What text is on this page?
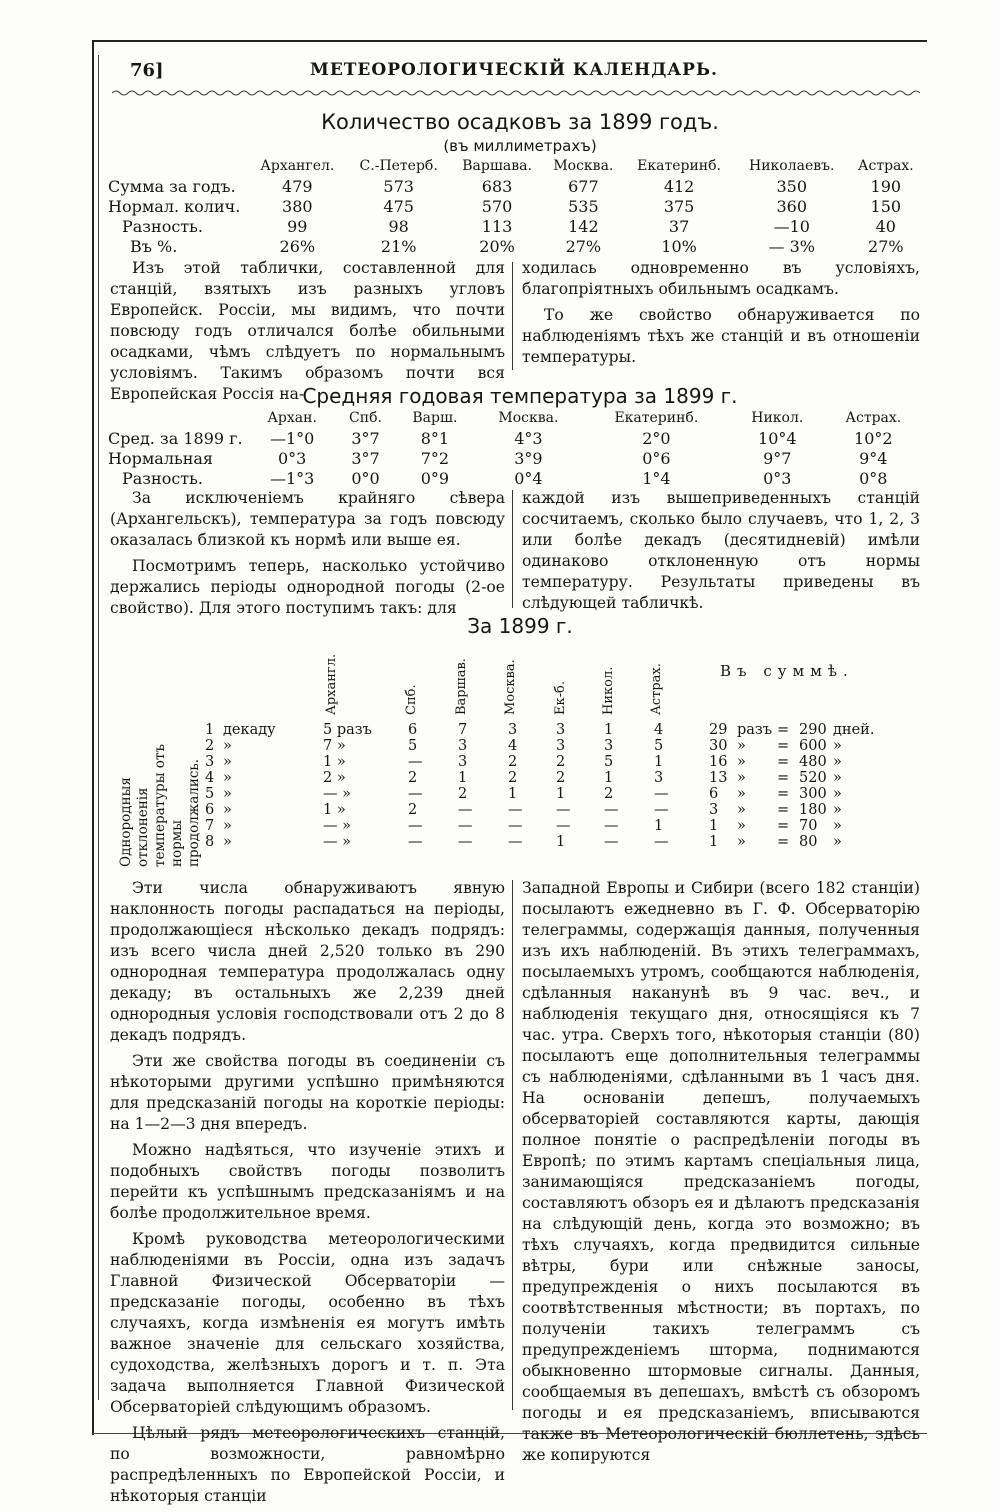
76]	МЕТЕОРОЛОГИЧЕСКІЙ КАЛЕНДАРЬ.
Количество осадковъ за 1899 годъ.
(въ миллиметрахъ)
	Архангел.	С.-Петерб.	Варшава.	Москва.	Екатеринб.	Николаевъ.	Астрах.
Сумма за годъ.	479	573	683	677	412	350	190
Нормал. колич.	380	475	570	535	375	360	150
Разность.	99	98	113	142	37	—10	40
Въ %.	26%	21%	20%	27%	10%	— 3%	27%

Изъ этой таблички, составленной для станцій, взятыхъ изъ разныхъ угловъ Европейск. Россіи, мы видимъ, что почти повсюду годъ отличался болѣе обильными осадками, чѣмъ слѣдуетъ по нормальнымъ условіямъ. Такимъ образомъ почти вся Европейская Россія на-

ходилась одновременно въ условіяхъ, благопріятныхъ обильнымъ осадкамъ.

То же свойство обнаруживается по наблюденіямъ тѣхъ же станцій и въ отношеніи температуры.

Средняя годовая температура за 1899 г.
	Архан.	Спб.	Варш.	Москва.	Екатеринб.	Никол.	Астрах.
Сред. за 1899 г.	—1°0	3°7	8°1	4°3	2°0	10°4	10°2
Нормальная	0°3	3°7	7°2	3°9	0°6	9°7	9°4
Разность.	—1°3	0°0	0°9	0°4	1°4	0°3	0°8

За исключеніемъ крайняго сѣвера (Архангельскъ), температура за годъ повсюду оказалась близкой къ нормѣ или выше ея.

Посмотримъ теперь, насколько устойчиво держались періоды однородной погоды (2-ое свойство). Для этого поступимъ такъ: для

каждой изъ вышеприведенныхъ станцій сосчитаемъ, сколько было случаевъ, что 1, 2, 3 или болѣе декадъ (десятидневій) имѣли одинаково отклоненную отъ нормы температуру. Результаты приведены въ слѣдующей табличкѣ.

За 1899 г.
Однородныя отклоненія температуры отъ нормы продолжались.
Архангл.	Спб.	Варшав.	Москва.	Ек-б.	Никол.	Астрах.	Въ суммѣ.
1	декаду	5 разъ	6	7	3	3	1	4	29	разъ	=	290	дней.
2	»	7 »	5	3	4	3	3	5	30	»	=	600	»
3	»	1 »	—	3	2	2	5	1	16	»	=	480	»
4	»	2 »	2	1	2	2	1	3	13	»	=	520	»
5	»	— »	—	2	1	1	2	—	6	»	=	300	»
6	»	1 »	2	—	—	—	—	—	3	»	=	180	»
7	»	— »	—	—	—	—	—	1	1	»	=	70	»
8	»	— »	—	—	—	1	—	—	1	»	=	80	»

Эти числа обнаруживаютъ явную наклонность погоды распадаться на періоды, продолжающіеся нѣсколько декадъ подрядъ: изъ всего числа дней 2,520 только въ 290 однородная температура продолжалась одну декаду; въ остальныхъ же 2,239 дней однородныя условія господствовали отъ 2 до 8 декадъ подрядъ.

Эти же свойства погоды въ соединеніи съ нѣкоторыми другими успѣшно примѣняются для предсказаній погоды на короткіе періоды: на 1—2—3 дня впередъ.

Можно надѣяться, что изученіе этихъ и подобныхъ свойствъ погоды позволитъ перейти къ успѣшнымъ предсказаніямъ и на болѣе продолжительное время.

Кромѣ руководства метеорологическими наблюденіями въ Россіи, одна изъ задачъ Главной Физической Обсерваторіи — предсказаніе погоды, особенно въ тѣхъ случаяхъ, когда измѣненія ея могутъ имѣть важное значеніе для сельскаго хозяйства, судоходства, желѣзныхъ дорогъ и т. п. Эта задача выполняется Главной Физической Обсерваторіей слѣдующимъ образомъ.

Цѣлый рядъ метеорологическихъ станцій, по возможности, равномѣрно распредѣленныхъ по Европейской Россіи, и нѣкоторыя станціи

Западной Европы и Сибири (всего 182 станціи) посылаютъ ежедневно въ Г. Ф. Обсерваторію телеграммы, содержащія данныя, полученныя изъ ихъ наблюденій. Въ этихъ телеграммахъ, посылаемыхъ утромъ, сообщаются наблюденія, сдѣланныя наканунѣ въ 9 час. веч., и наблюденія текущаго дня, относящіяся къ 7 час. утра. Сверхъ того, нѣкоторыя станціи (80) посылаютъ еще дополнительныя телеграммы съ наблюденіями, сдѣланными въ 1 часъ дня. На основаніи депешъ, получаемыхъ обсерваторіей составляются карты, дающія полное понятіе о распредѣленіи погоды въ Европѣ; по этимъ картамъ спеціальныя лица, занимающіяся предсказаніемъ погоды, составляютъ обзоръ ея и дѣлаютъ предсказанія на слѣдующій день, когда это возможно; въ тѣхъ случаяхъ, когда предвидится сильные вѣтры, бури или снѣжные заносы, предупрежденія о нихъ посылаются въ соотвѣтственныя мѣстности; въ портахъ, по полученіи такихъ телеграммъ съ предупрежденіемъ шторма, поднимаются обыкновенно штормовые сигналы. Данныя, сообщаемыя въ депешахъ, вмѣстѣ съ обзоромъ погоды и ея предсказаніемъ, вписываются также въ Метеорологическій бюллетень, здѣсь же копируются
